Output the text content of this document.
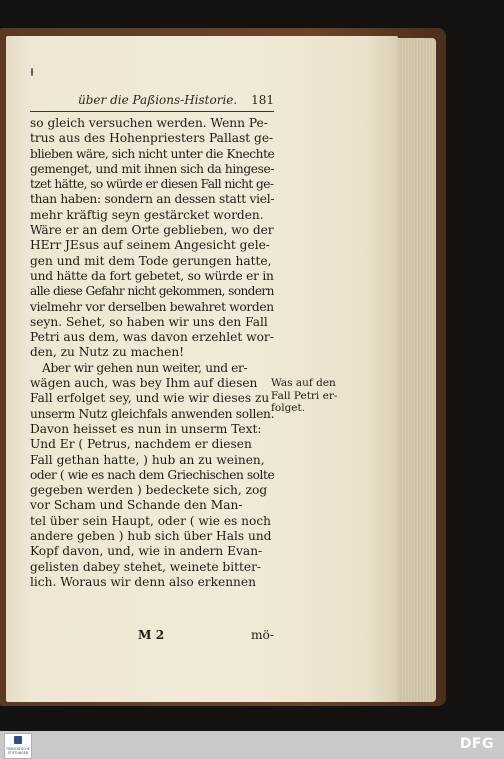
über die Paßions-Historie. 181
so gleich versuchen werden. Wenn Pe-
trus aus des Hohenpriesters Pallast ge-
blieben wäre, sich nicht unter die Knechte
gemenget, und mit ihnen sich da hingese-
tzet hätte, so würde er diesen Fall nicht ge-
than haben: sondern an dessen statt viel-
mehr kräftig seyn gestärcket worden.
Wäre er an dem Orte geblieben, wo der
HErr JEsus auf seinem Angesicht gele-
gen und mit dem Tode gerungen hatte,
und hätte da fort gebetet, so würde er in
alle diese Gefahr nicht gekommen, sondern
vielmehr vor derselben bewahret worden
seyn. Sehet, so haben wir uns den Fall
Petri aus dem, was davon erzehlet wor-
den, zu Nutz zu machen!
Aber wir gehen nun weiter, und er-
wägen auch, was bey Ihm auf diesen
Fall erfolget sey, und wie wir dieses zu
unserm Nutz gleichfals anwenden sollen.
Davon heisset es nun in unserm Text:
Und Er ( Petrus, nachdem er diesen
Fall gethan hatte, ) hub an zu weinen,
oder ( wie es nach dem Griechischen solte
gegeben werden ) bedeckete sich, zog
vor Scham und Schande den Man-
tel über sein Haupt, oder ( wie es noch
andere geben ) hub sich über Hals und
Kopf davon, und, wie in andern Evan-
gelisten dabey stehet, weinete bitter-
lich. Woraus wir denn also erkennen
Was auf den
Fall Petri er-
folget.
M 2	mö-
FRANCKESCHE
STIFTUNGEN
DFG
